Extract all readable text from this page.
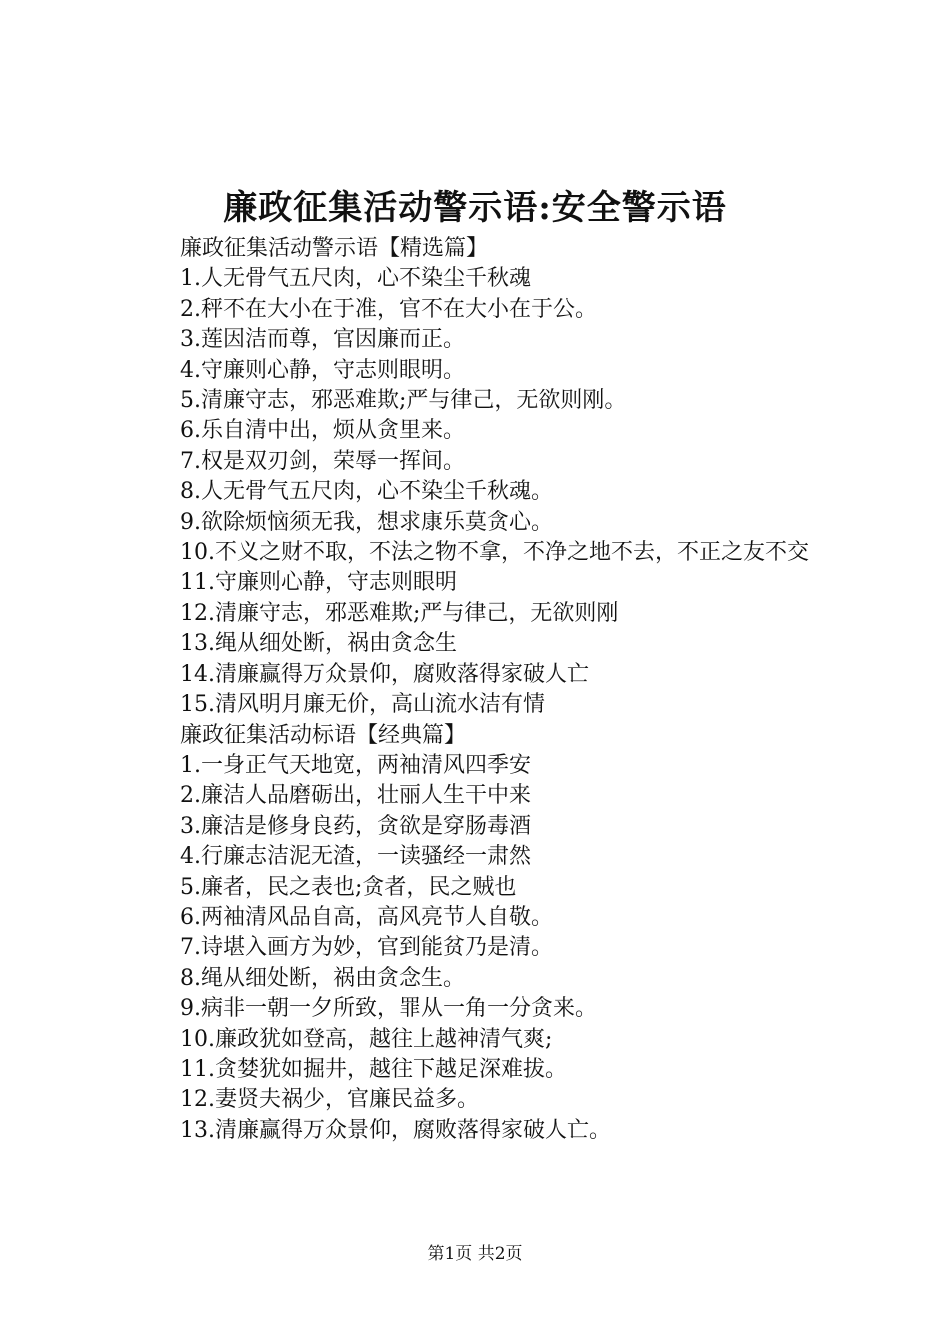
廉政征集活动警示语:安全警示语

廉政征集活动警示语【精选篇】

1.人无骨气五尺肉，心不染尘千秋魂

2.秤不在大小在于准，官不在大小在于公。

3.莲因洁而尊，官因廉而正。

4.守廉则心静，守志则眼明。

5.清廉守志，邪恶难欺;严与律己，无欲则刚。

6.乐自清中出，烦从贪里来。

7.权是双刃剑，荣辱一挥间。

8.人无骨气五尺肉，心不染尘千秋魂。

9.欲除烦恼须无我，想求康乐莫贪心。

10.不义之财不取，不法之物不拿，不净之地不去，不正之友不交

11.守廉则心静，守志则眼明

12.清廉守志，邪恶难欺;严与律己，无欲则刚

13.绳从细处断，祸由贪念生

14.清廉赢得万众景仰，腐败落得家破人亡

15.清风明月廉无价，高山流水洁有情

廉政征集活动标语【经典篇】

1.一身正气天地宽，两袖清风四季安

2.廉洁人品磨砺出，壮丽人生干中来

3.廉洁是修身良药，贪欲是穿肠毒酒

4.行廉志洁泥无渣，一读骚经一肃然

5.廉者，民之表也;贪者，民之贼也

6.两袖清风品自高，高风亮节人自敬。

7.诗堪入画方为妙，官到能贫乃是清。

8.绳从细处断，祸由贪念生。

9.病非一朝一夕所致，罪从一角一分贪来。

10.廉政犹如登高，越往上越神清气爽;

11.贪婪犹如掘井，越往下越足深难拔。

12.妻贤夫祸少，官廉民益多。

13.清廉赢得万众景仰，腐败落得家破人亡。

第1页 共2页
